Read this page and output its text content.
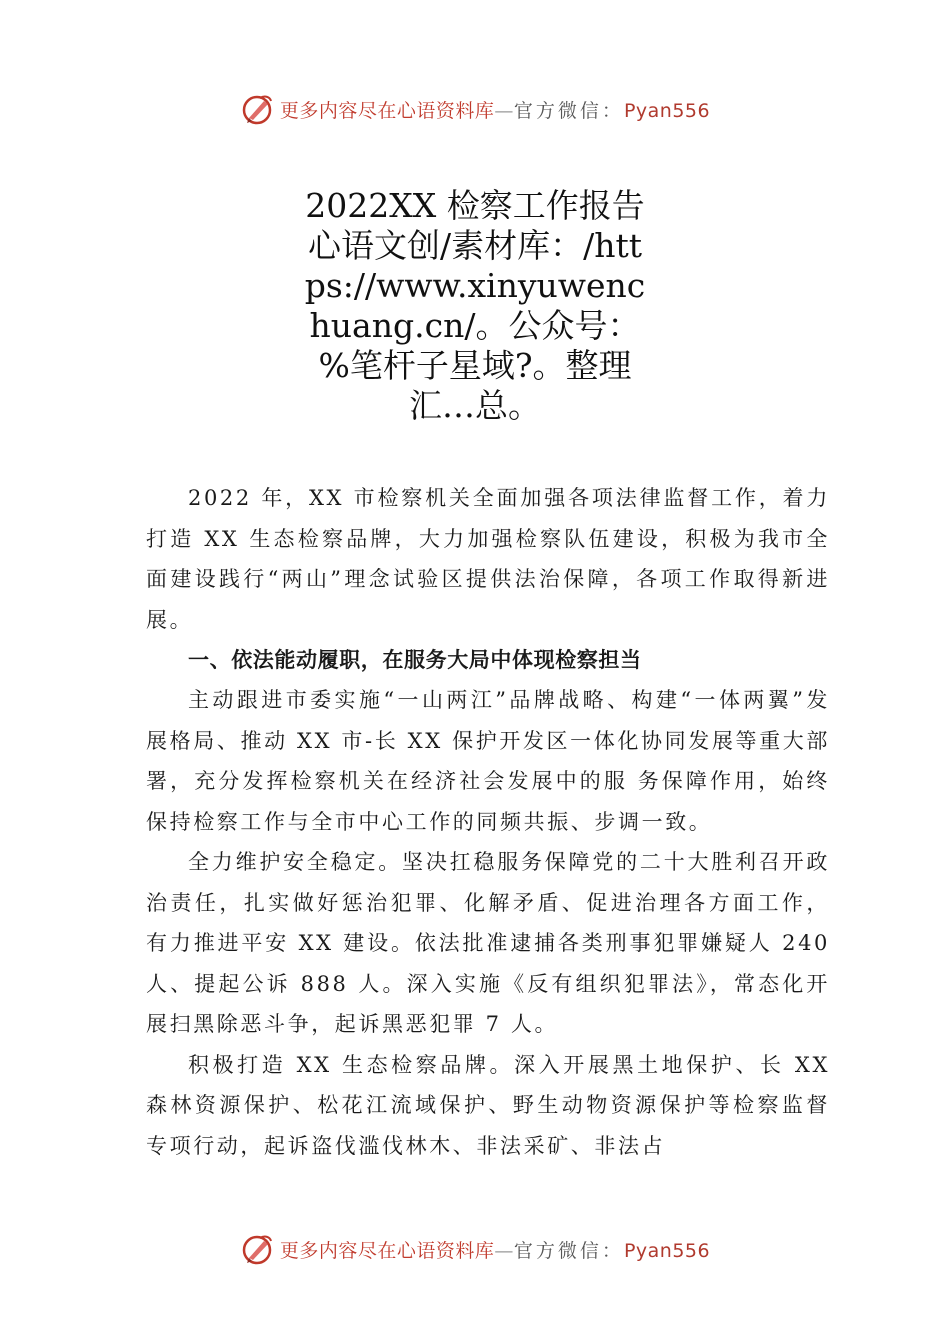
更多内容尽在心语资料库—官方微信：Pyan556
2022XX 检察工作报告心语文创/素材库：/https://www.xinyuwenchuang.cn/。公众号：%笔杆子星域?。整理汇…总。

2022 年，XX 市检察机关全面加强各项法律监督工作，着力打造 XX 生态检察品牌，大力加强检察队伍建设，积极为我市全面建设践行“两山”理念试验区提供法治保障，各项工作取得新进展。

一、依法能动履职，在服务大局中体现检察担当

主动跟进市委实施“一山两江”品牌战略、构建“一体两翼”发展格局、推动 XX 市-长 XX 保护开发区一体化协同发展等重大部署，充分发挥检察机关在经济社会发展中的服 务保障作用，始终保持检察工作与全市中心工作的同频共振、步调一致。

全力维护安全稳定。坚决扛稳服务保障党的二十大胜利召开政治责任，扎实做好惩治犯罪、化解矛盾、促进治理各方面工作，有力推进平安 XX 建设。依法批准逮捕各类刑事犯罪嫌疑人 240 人、提起公诉 888 人。深入实施《反有组织犯罪法》，常态化开展扫黑除恶斗争，起诉黑恶犯罪 7 人。

积极打造 XX 生态检察品牌。深入开展黑土地保护、长 XX 森林资源保护、松花江流域保护、野生动物资源保护等检察监督专项行动，起诉盗伐滥伐林木、非法采矿、非法占

更多内容尽在心语资料库—官方微信：Pyan556
